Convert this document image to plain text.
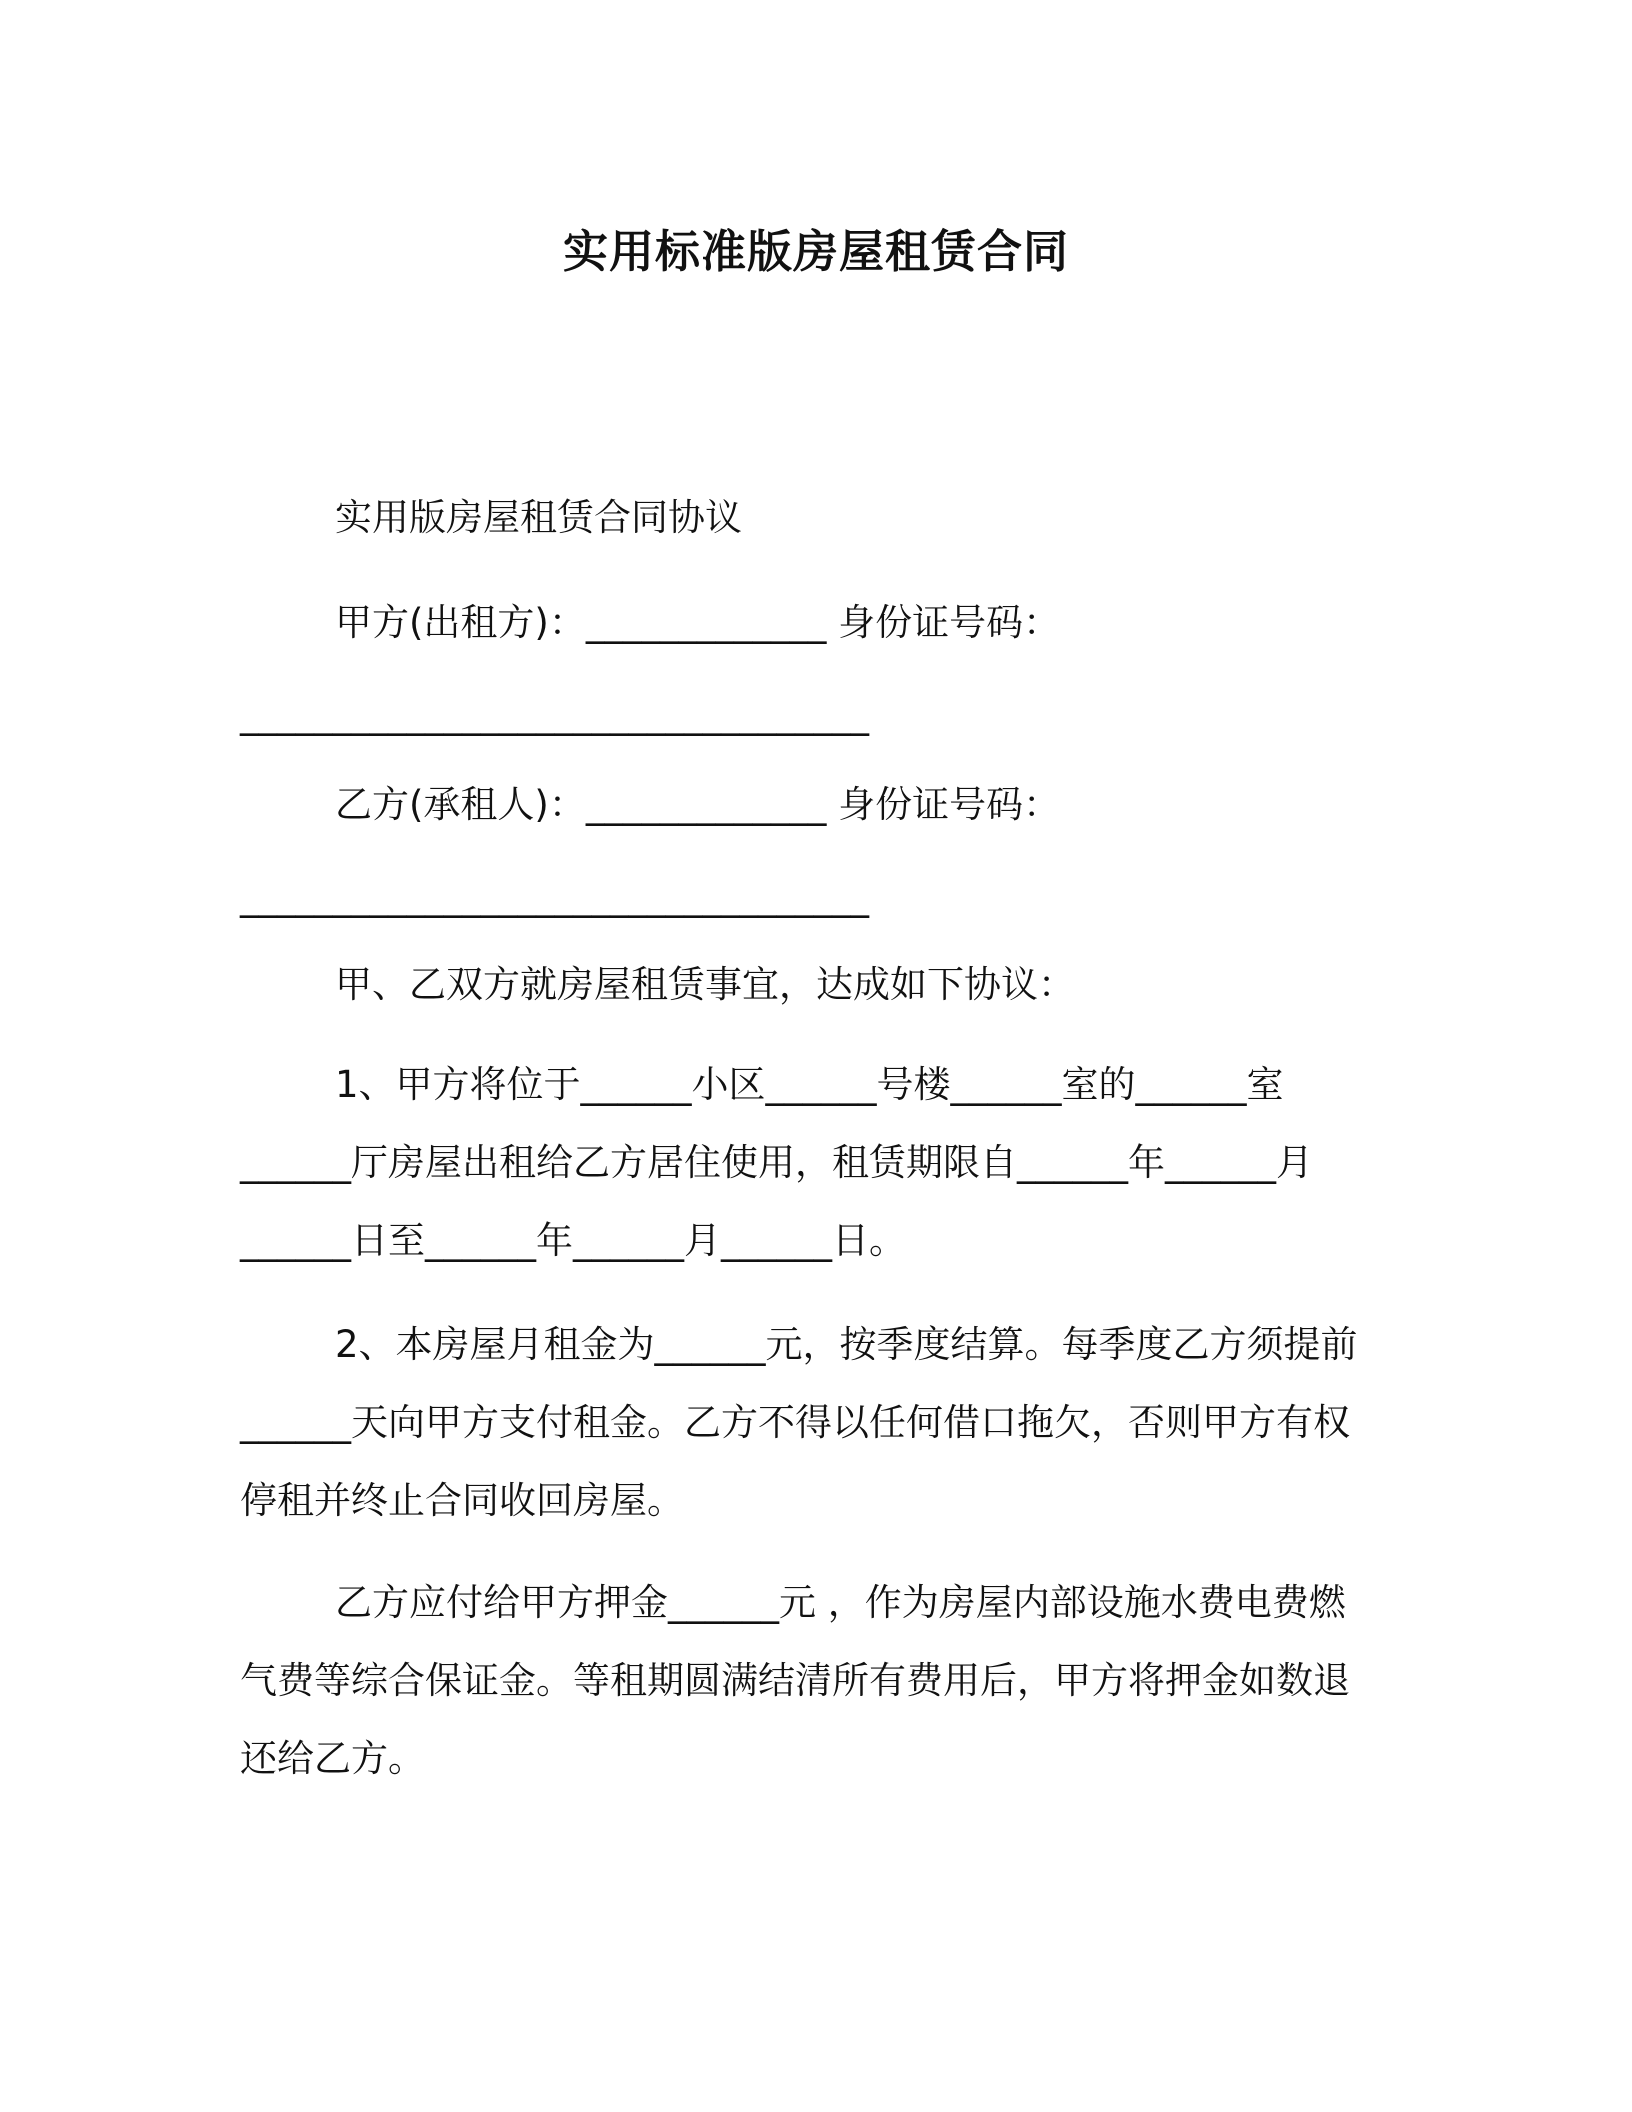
实用标准版房屋租赁合同
实用版房屋租赁合同协议
甲方(出租方)：_____________ 身份证号码：
__________________________________
乙方(承租人)：_____________ 身份证号码：
__________________________________
甲、乙双方就房屋租赁事宜，达成如下协议：
1、甲方将位于______小区______号楼______室的______室
______厅房屋出租给乙方居住使用，租赁期限自______年______月
______日至______年______月______日。
2、本房屋月租金为______元，按季度结算。每季度乙方须提前
______天向甲方支付租金。乙方不得以任何借口拖欠，否则甲方有权
停租并终止合同收回房屋。
乙方应付给甲方押金______元 ，作为房屋内部设施水费电费燃
气费等综合保证金。等租期圆满结清所有费用后，甲方将押金如数退
还给乙方。
